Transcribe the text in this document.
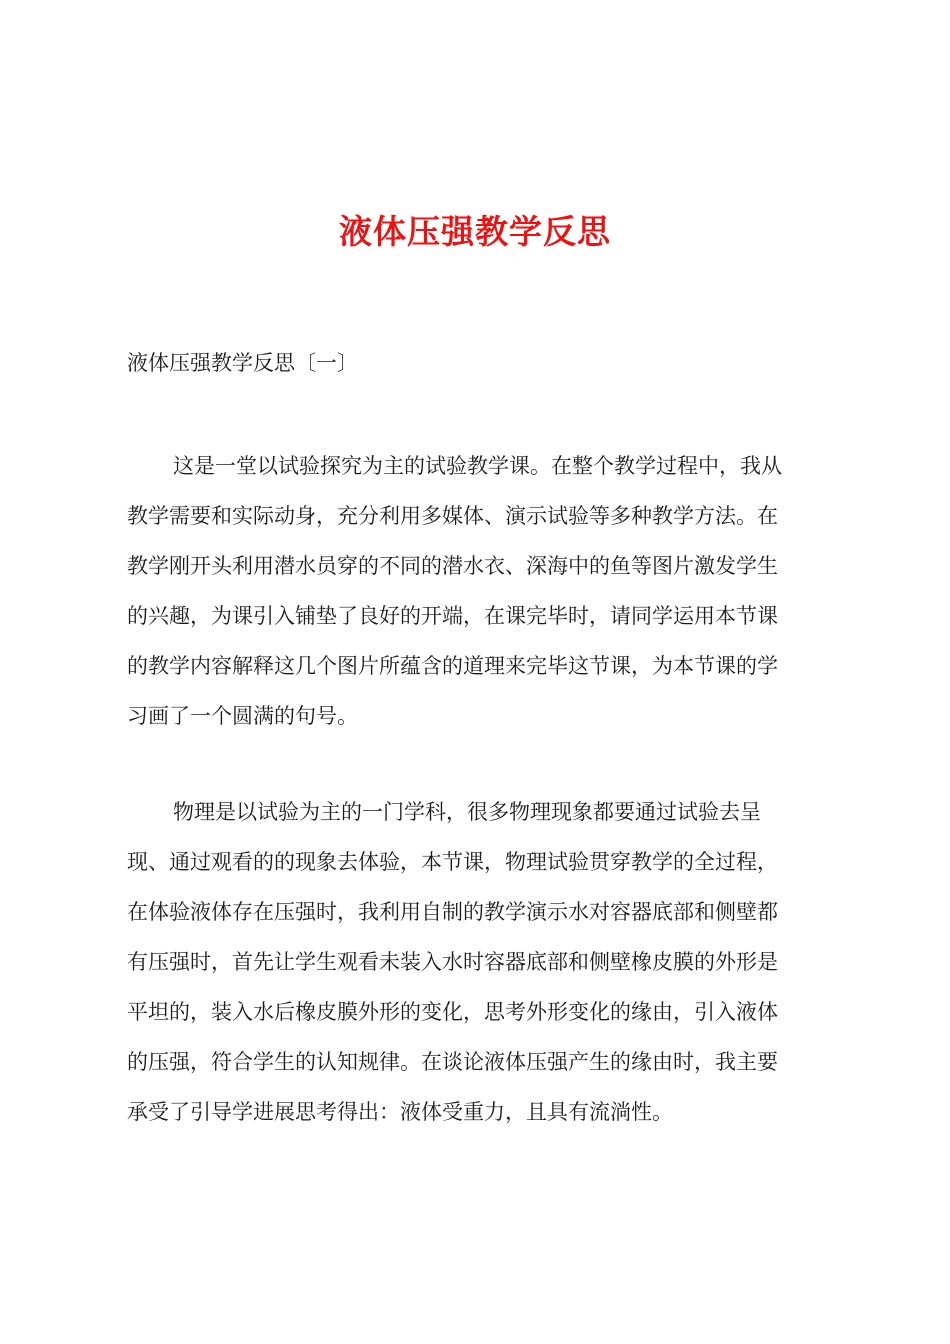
液体压强教学反思
液体压强教学反思〔一〕

这是一堂以试验探究为主的试验教学课。在整个教学过程中，我从
教学需要和实际动身，充分利用多媒体、演示试验等多种教学方法。在
教学刚开头利用潜水员穿的不同的潜水衣、深海中的鱼等图片激发学生
的兴趣，为课引入铺垫了良好的开端，在课完毕时，请同学运用本节课
的教学内容解释这几个图片所蕴含的道理来完毕这节课，为本节课的学
习画了一个圆满的句号。

物理是以试验为主的一门学科，很多物理现象都要通过试验去呈
现、通过观看的的现象去体验，本节课，物理试验贯穿教学的全过程，
在体验液体存在压强时，我利用自制的教学演示水对容器底部和侧壁都
有压强时，首先让学生观看未装入水时容器底部和侧壁橡皮膜的外形是
平坦的，装入水后橡皮膜外形的变化，思考外形变化的缘由，引入液体
的压强，符合学生的认知规律。在谈论液体压强产生的缘由时，我主要
承受了引导学进展思考得出：液体受重力，且具有流淌性。
